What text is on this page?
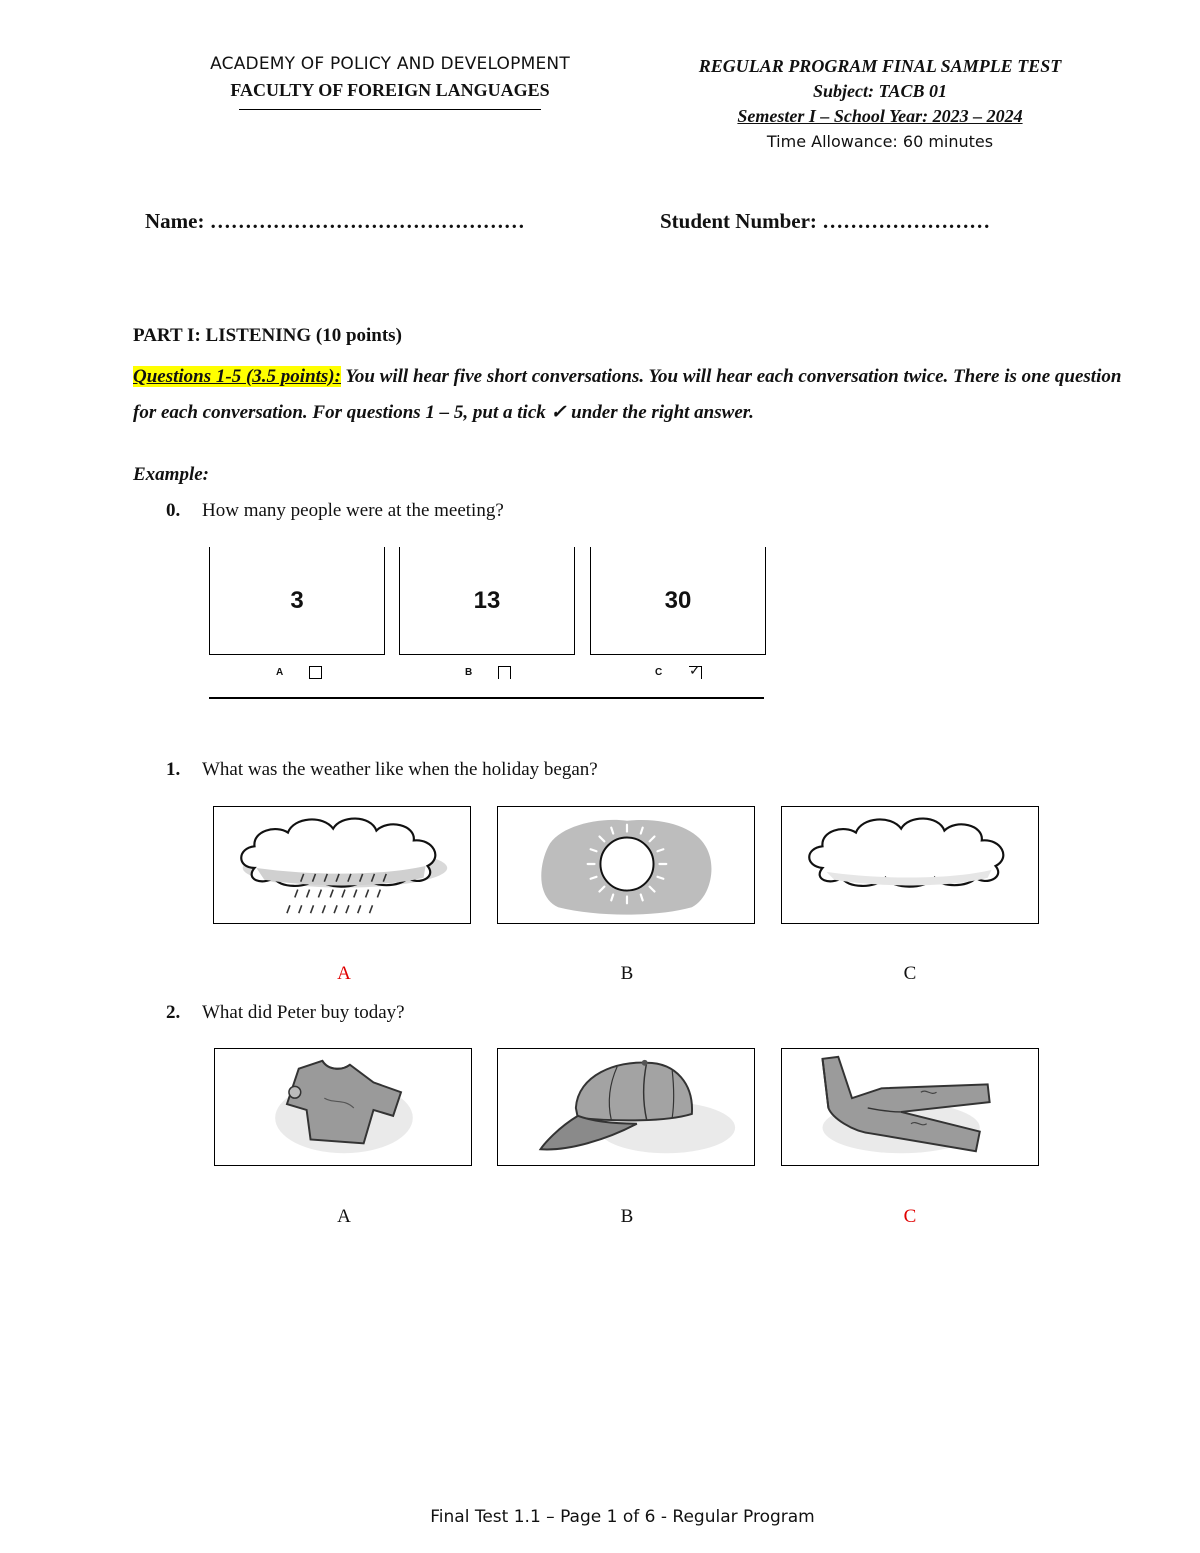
ACADEMY OF POLICY AND DEVELOPMENT
FACULTY OF FOREIGN LANGUAGES
REGULAR PROGRAM FINAL SAMPLE TEST
Subject: TACB 01
Semester I – School Year: 2023 – 2024
Time Allowance: 60 minutes
Name: ………………………………………	Student Number: ……………………
PART I: LISTENING (10 points)
Questions 1-5 (3.5 points): You will hear five short conversations. You will hear each conversation twice. There is one question for each conversation. For questions 1 – 5, put a tick ✓ under the right answer.
Example:
0. How many people were at the meeting?
3	13	30
A	B	C ✓
1. What was the weather like when the holiday began?
A	B	C
2. What did Peter buy today?
A	B	C
Final Test 1.1 – Page 1 of 6 - Regular Program
